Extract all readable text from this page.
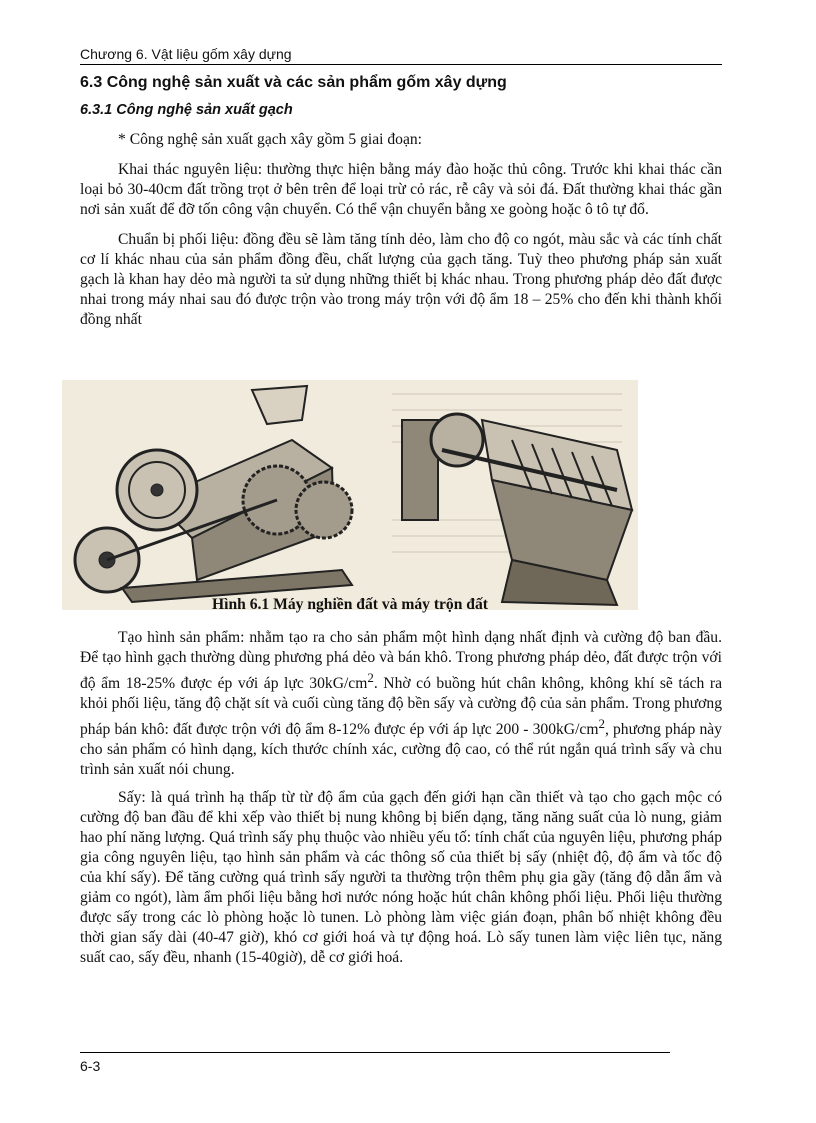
Chương 6. Vật liệu gốm xây dựng
6.3 Công nghệ sản xuất và các sản phẩm gốm xây dựng
6.3.1 Công nghệ sản xuất gạch

* Công nghệ sản xuất gạch xây gồm 5 giai đoạn:

Khai thác nguyên liệu: thường thực hiện bằng máy đào hoặc thủ công. Trước khi khai thác cần loại bỏ 30-40cm đất trồng trọt ở bên trên để loại trừ cỏ rác, rễ cây và sỏi đá. Đất thường khai thác gần nơi sản xuất để đỡ tốn công vận chuyển. Có thể vận chuyển bằng xe goòng hoặc ô tô tự đổ.

Chuẩn bị phối liệu: đồng đều sẽ làm tăng tính dẻo, làm cho độ co ngót, màu sắc và các tính chất cơ lí khác nhau của sản phẩm đồng đều, chất lượng của gạch tăng. Tuỳ theo phương pháp sản xuất gạch là khan hay dẻo mà người ta sử dụng những thiết bị khác nhau. Trong phương pháp dẻo đất được nhai trong máy nhai sau đó được trộn vào trong máy trộn với độ ẩm 18 – 25% cho đến khi thành khối đồng nhất

Hình 6.1 Máy nghiền đất và máy trộn đất

Tạo hình sản phẩm: nhằm tạo ra cho sản phẩm một hình dạng nhất định và cường độ ban đầu. Để tạo hình gạch thường dùng phương phá dẻo và bán khô. Trong phương pháp dẻo, đất được trộn với độ ẩm 18-25% được ép với áp lực $30kG/cm^2$. Nhờ có buồng hút chân không, không khí sẽ tách ra khỏi phối liệu, tăng độ chặt sít và cuối cùng tăng độ bền sấy và cường độ của sản phẩm. Trong phương pháp bán khô: đất được trộn với độ ẩm 8-12% được ép với áp lực $200 - 300kG/cm^2$, phương pháp này cho sản phẩm có hình dạng, kích thước chính xác, cường độ cao, có thể rút ngắn quá trình sấy và chu trình sản xuất nói chung.

Sấy: là quá trình hạ thấp từ từ độ ẩm của gạch đến giới hạn cần thiết và tạo cho gạch mộc có cường độ ban đầu để khi xếp vào thiết bị nung không bị biến dạng, tăng năng suất của lò nung, giảm hao phí năng lượng. Quá trình sấy phụ thuộc vào nhiều yếu tố: tính chất của nguyên liệu, phương pháp gia công nguyên liệu, tạo hình sản phẩm và các thông số của thiết bị sấy (nhiệt độ, độ ẩm và tốc độ của khí sấy). Để tăng cường quá trình sấy người ta thường trộn thêm phụ gia gầy (tăng độ dẫn ẩm và giảm co ngót), làm ẩm phối liệu bằng hơi nước nóng hoặc hút chân không phối liệu. Phối liệu thường được sấy trong các lò phòng hoặc lò tunen. Lò phòng làm việc gián đoạn, phân bố nhiệt không đều thời gian sấy dài (40-47 giờ), khó cơ giới hoá và tự động hoá. Lò sấy tunen làm việc liên tục, năng suất cao, sấy đều, nhanh (15-40giờ), dễ cơ giới hoá.

6-3
